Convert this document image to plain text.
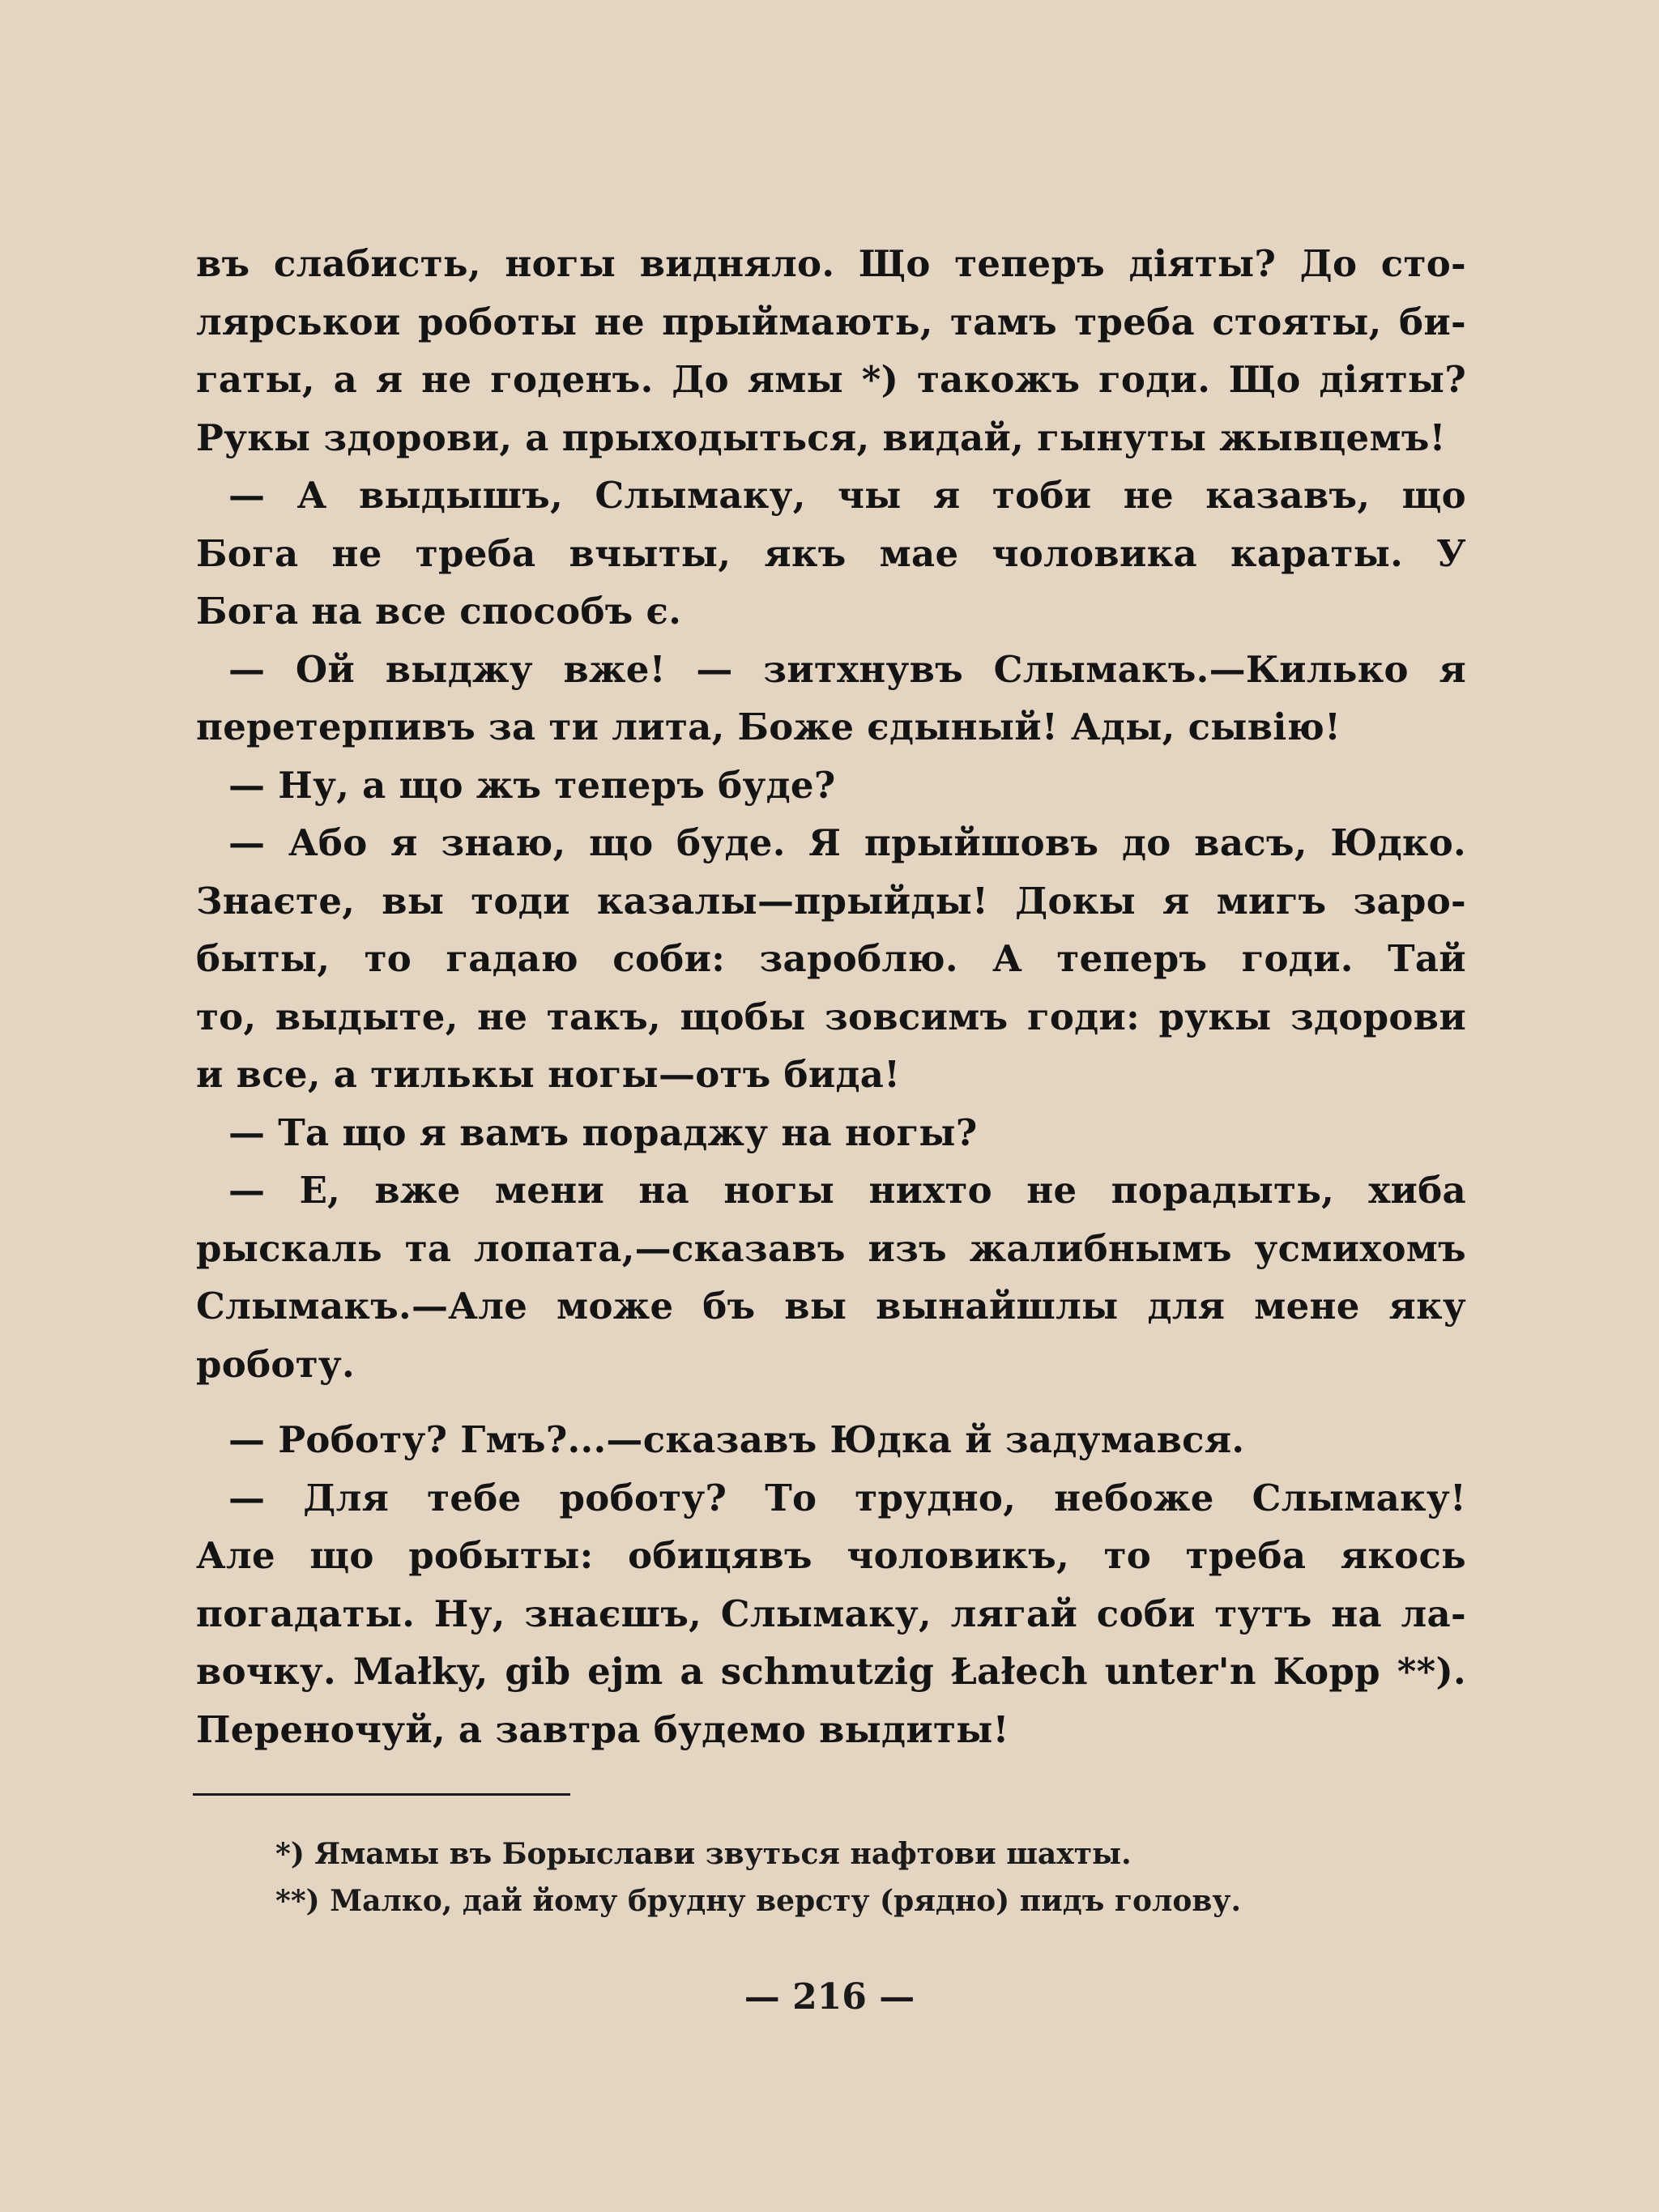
въ слабисть, ногы видняло. Що теперъ діяты? До сто-
лярськои роботы не прыймають, тамъ треба стояты, би-
гаты, а я не годенъ. До ямы *) такожъ годи. Що діяты?
Рукы здорови, а прыходыться, видай, гынуты жывцемъ!
— А выдышъ, Слымаку, чы я тоби не казавъ, що
Бога не треба вчыты, якъ мае чоловика караты. У
Бога на все способъ є.
— Ой выджу вже! — зитхнувъ Слымакъ.—Килько я
перетерпивъ за ти лита, Боже єдыный! Ады, сывію!
— Ну, а що жъ теперъ буде?
— Або я знаю, що буде. Я прыйшовъ до васъ, Юдко.
Знаєте, вы тоди казалы—прыйды! Докы я мигъ заро-
быты, то гадаю соби: зароблю. А теперъ годи. Тай
то, выдыте, не такъ, щобы зовсимъ годи: рукы здорови
и все, а тилькы ногы—отъ бида!
— Та що я вамъ пораджу на ногы?
— Е, вже мени на ногы нихто не порадыть, хиба
рыскаль та лопата,—сказавъ изъ жалибнымъ усмихомъ
Слымакъ.—Але може бъ вы вынайшлы для мене яку
роботу.
— Роботу? Гмъ?...—сказавъ Юдка й задумався.
— Для тебе роботу? То трудно, небоже Слымаку!
Але що робыты: обицявъ чоловикъ, то треба якось
погадаты. Ну, знаєшъ, Слымаку, лягай соби тутъ на ла-
вочку. Małky, gib ejm a schmutzig Łałech unter'n Kopp **).
Переночуй, а завтра будемо выдиты!
*) Ямамы въ Борыслави звуться нафтови шахты.
**) Малко, дай йому брудну версту (рядно) пидъ голову.
— 216 —
